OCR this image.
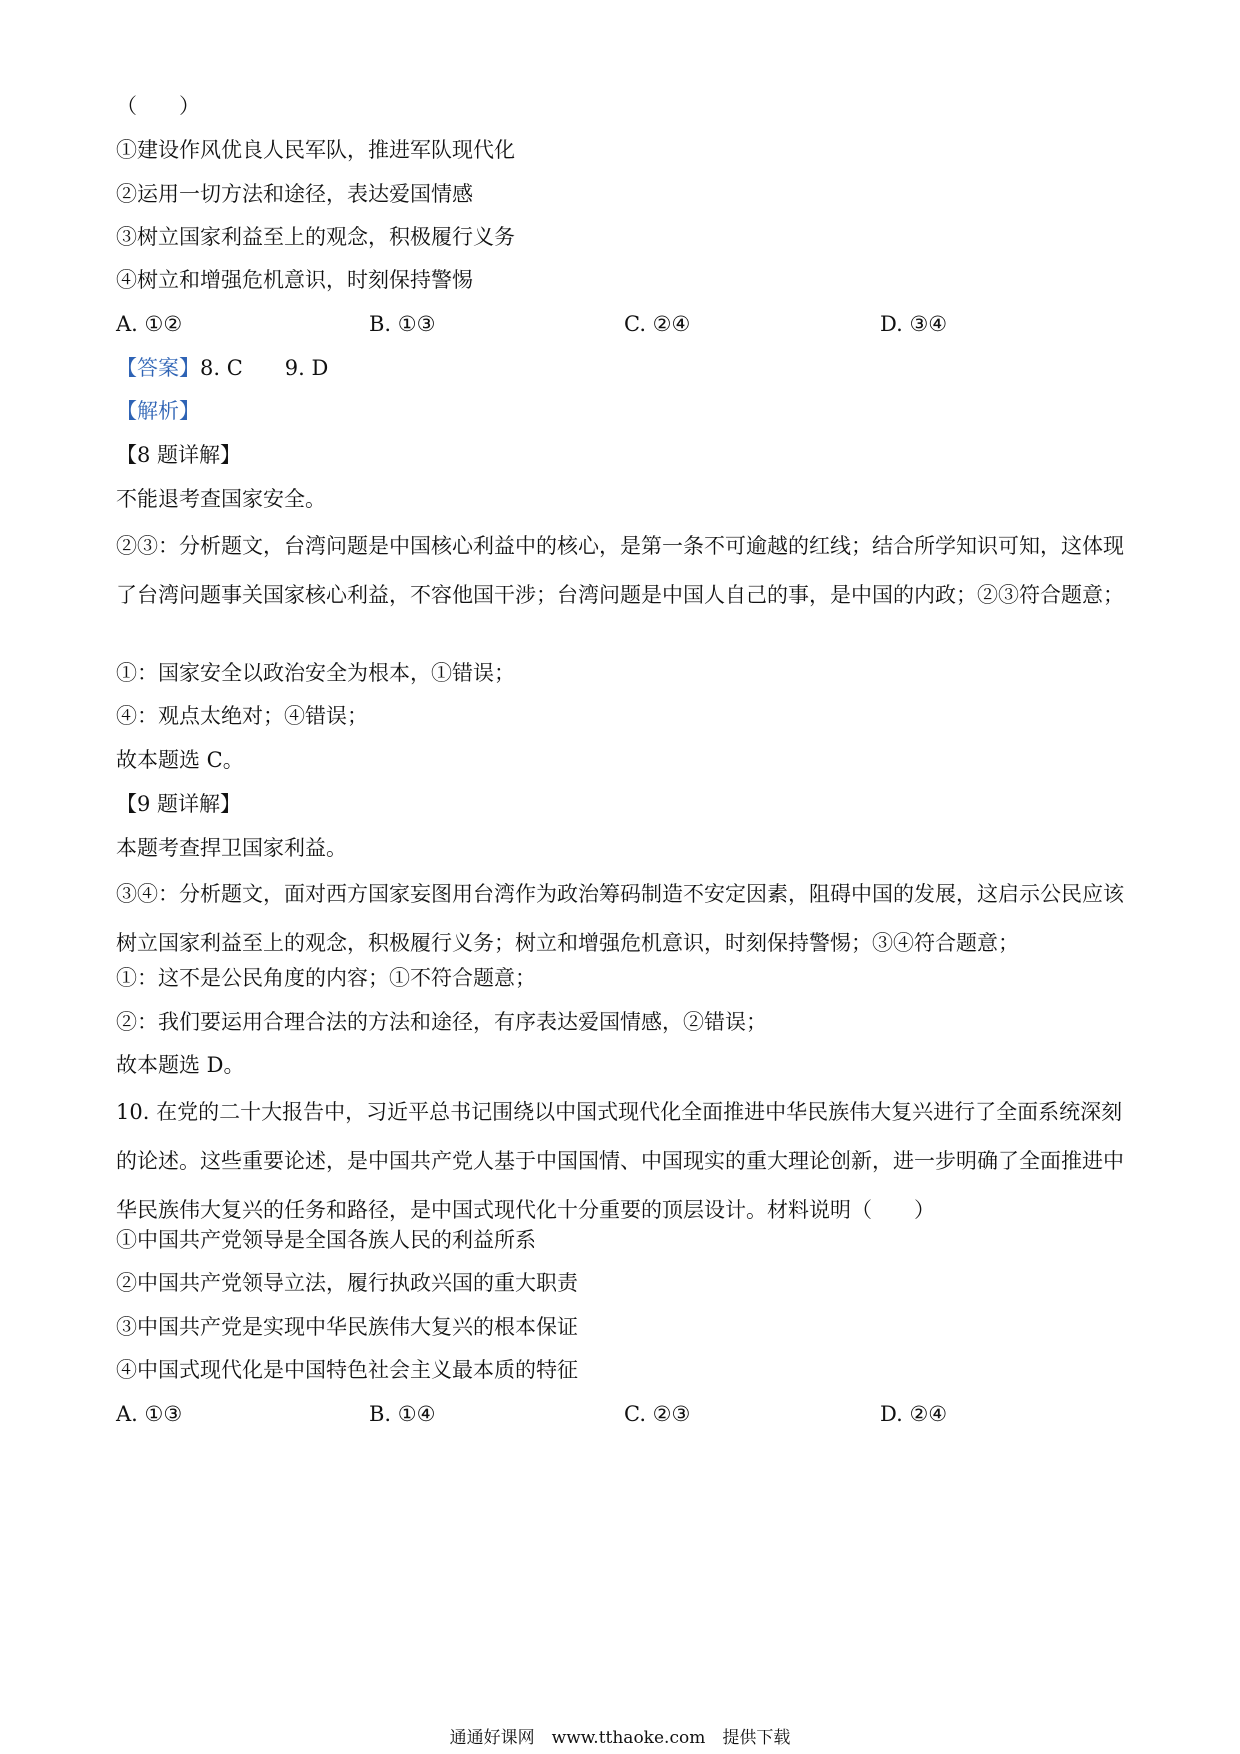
（　　）
①建设作风优良人民军队，推进军队现代化
②运用一切方法和途径，表达爱国情感
③树立国家利益至上的观念，积极履行义务
④树立和增强危机意识，时刻保持警惕
A. ①②	B. ①③	C. ②④	D. ③④
【答案】8. C　　9. D
【解析】
【8 题详解】
不能退考查国家安全。
②③：分析题文，台湾问题是中国核心利益中的核心，是第一条不可逾越的红线；结合所学知识可知，这体现了台湾问题事关国家核心利益，不容他国干涉；台湾问题是中国人自己的事，是中国的内政；②③符合题意；
①：国家安全以政治安全为根本，①错误；
④：观点太绝对；④错误；
故本题选 C。
【9 题详解】
本题考查捍卫国家利益。
③④：分析题文，面对西方国家妄图用台湾作为政治筹码制造不安定因素，阻碍中国的发展，这启示公民应该树立国家利益至上的观念，积极履行义务；树立和增强危机意识，时刻保持警惕；③④符合题意；
①：这不是公民角度的内容；①不符合题意；
②：我们要运用合理合法的方法和途径，有序表达爱国情感，②错误；
故本题选 D。
10. 在党的二十大报告中，习近平总书记围绕以中国式现代化全面推进中华民族伟大复兴进行了全面系统深刻的论述。这些重要论述，是中国共产党人基于中国国情、中国现实的重大理论创新，进一步明确了全面推进中华民族伟大复兴的任务和路径，是中国式现代化十分重要的顶层设计。材料说明（　　）
①中国共产党领导是全国各族人民的利益所系
②中国共产党领导立法，履行执政兴国的重大职责
③中国共产党是实现中华民族伟大复兴的根本保证
④中国式现代化是中国特色社会主义最本质的特征
A. ①③	B. ①④	C. ②③	D. ②④
通通好课网　www.tthaoke.com　提供下载
